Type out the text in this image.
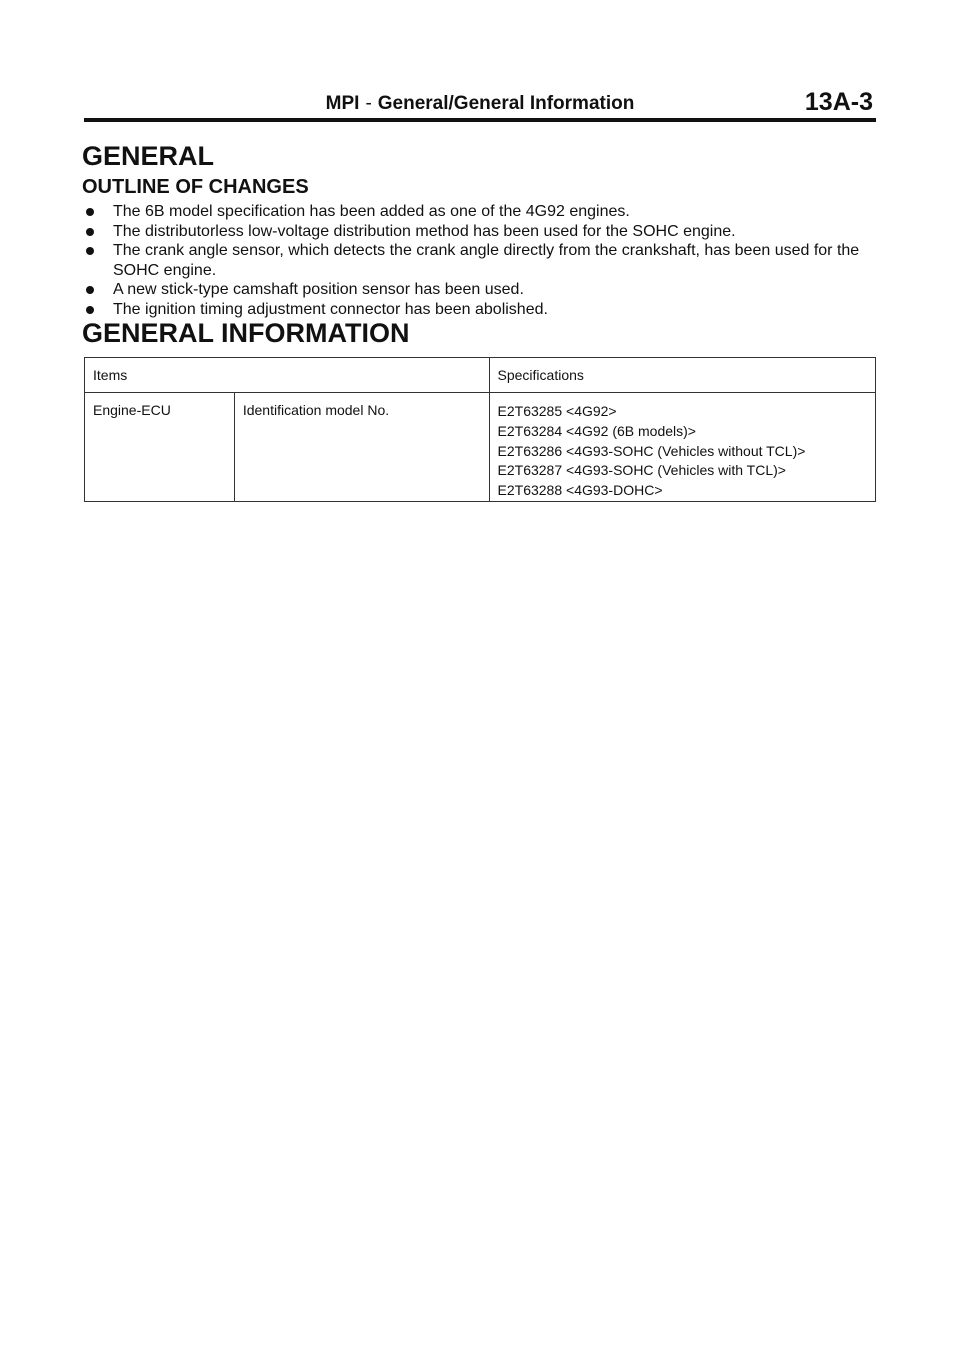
MPI - General/General Information	13A-3
GENERAL
OUTLINE OF CHANGES
The 6B model specification has been added as one of the 4G92 engines.
The distributorless low-voltage distribution method has been used for the SOHC engine.
The crank angle sensor, which detects the crank angle directly from the crankshaft, has been used for the SOHC engine.
A new stick-type camshaft position sensor has been used.
The ignition timing adjustment connector has been abolished.
GENERAL INFORMATION
Items		Specifications
Engine-ECU	Identification model No.	E2T63285 <4G92>
E2T63284 <4G92 (6B models)>
E2T63286 <4G93-SOHC (Vehicles without TCL)>
E2T63287 <4G93-SOHC (Vehicles with TCL)>
E2T63288 <4G93-DOHC>
